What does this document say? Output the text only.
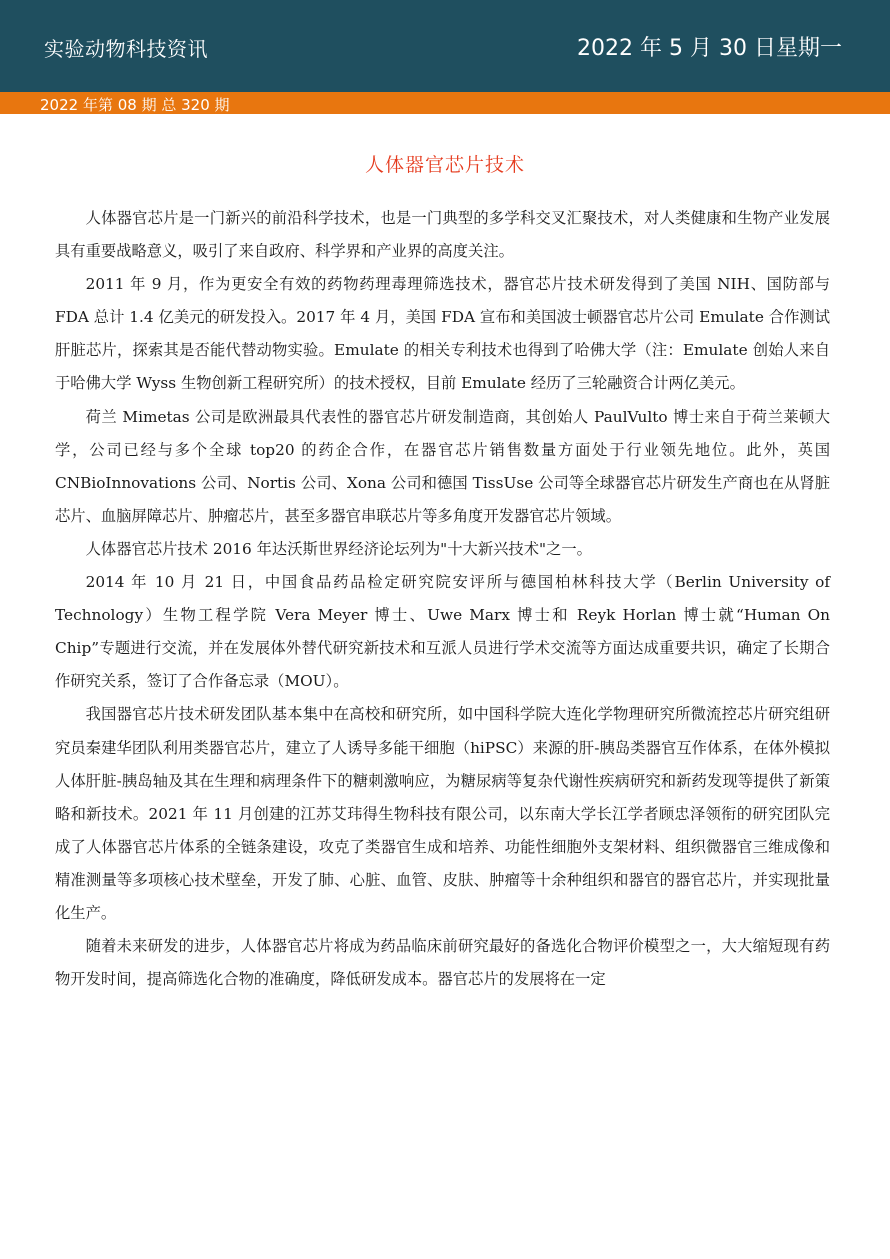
实验动物科技资讯	2022 年 5 月 30 日星期一
2022 年第 08 期 总 320 期
人体器官芯片技术

人体器官芯片是一门新兴的前沿科学技术，也是一门典型的多学科交叉汇聚技术，对人类健康和生物产业发展具有重要战略意义，吸引了来自政府、科学界和产业界的高度关注。

2011 年 9 月，作为更安全有效的药物药理毒理筛选技术，器官芯片技术研发得到了美国 NIH、国防部与 FDA 总计 1.4 亿美元的研发投入。2017 年 4 月，美国 FDA 宣布和美国波士顿器官芯片公司 Emulate 合作测试肝脏芯片，探索其是否能代替动物实验。Emulate 的相关专利技术也得到了哈佛大学（注：Emulate 创始人来自于哈佛大学 Wyss 生物创新工程研究所）的技术授权，目前 Emulate 经历了三轮融资合计两亿美元。

荷兰 Mimetas 公司是欧洲最具代表性的器官芯片研发制造商，其创始人 PaulVulto 博士来自于荷兰莱顿大学，公司已经与多个全球 top20 的药企合作，在器官芯片销售数量方面处于行业领先地位。此外，英国 CNBioInnovations 公司、Nortis 公司、Xona 公司和德国 TissUse 公司等全球器官芯片研发生产商也在从肾脏芯片、血脑屏障芯片、肿瘤芯片，甚至多器官串联芯片等多角度开发器官芯片领域。

人体器官芯片技术 2016 年达沃斯世界经济论坛列为"十大新兴技术"之一。

2014 年 10 月 21 日，中国食品药品检定研究院安评所与德国柏林科技大学（Berlin University of Technology）生物工程学院 Vera Meyer 博士、Uwe Marx 博士和 Reyk Horlan 博士就“Human On Chip”专题进行交流，并在发展体外替代研究新技术和互派人员进行学术交流等方面达成重要共识，确定了长期合作研究关系，签订了合作备忘录（MOU）。

我国器官芯片技术研发团队基本集中在高校和研究所，如中国科学院大连化学物理研究所微流控芯片研究组研究员秦建华团队利用类器官芯片，建立了人诱导多能干细胞（hiPSC）来源的肝-胰岛类器官互作体系，在体外模拟人体肝脏-胰岛轴及其在生理和病理条件下的糖刺激响应，为糖尿病等复杂代谢性疾病研究和新药发现等提供了新策略和新技术。2021 年 11 月创建的江苏艾玮得生物科技有限公司，以东南大学长江学者顾忠泽领衔的研究团队完成了人体器官芯片体系的全链条建设，攻克了类器官生成和培养、功能性细胞外支架材料、组织微器官三维成像和精准测量等多项核心技术壁垒，开发了肺、心脏、血管、皮肤、肿瘤等十余种组织和器官的器官芯片，并实现批量化生产。

随着未来研发的进步，人体器官芯片将成为药品临床前研究最好的备选化合物评价模型之一，大大缩短现有药物开发时间，提高筛选化合物的准确度，降低研发成本。器官芯片的发展将在一定
